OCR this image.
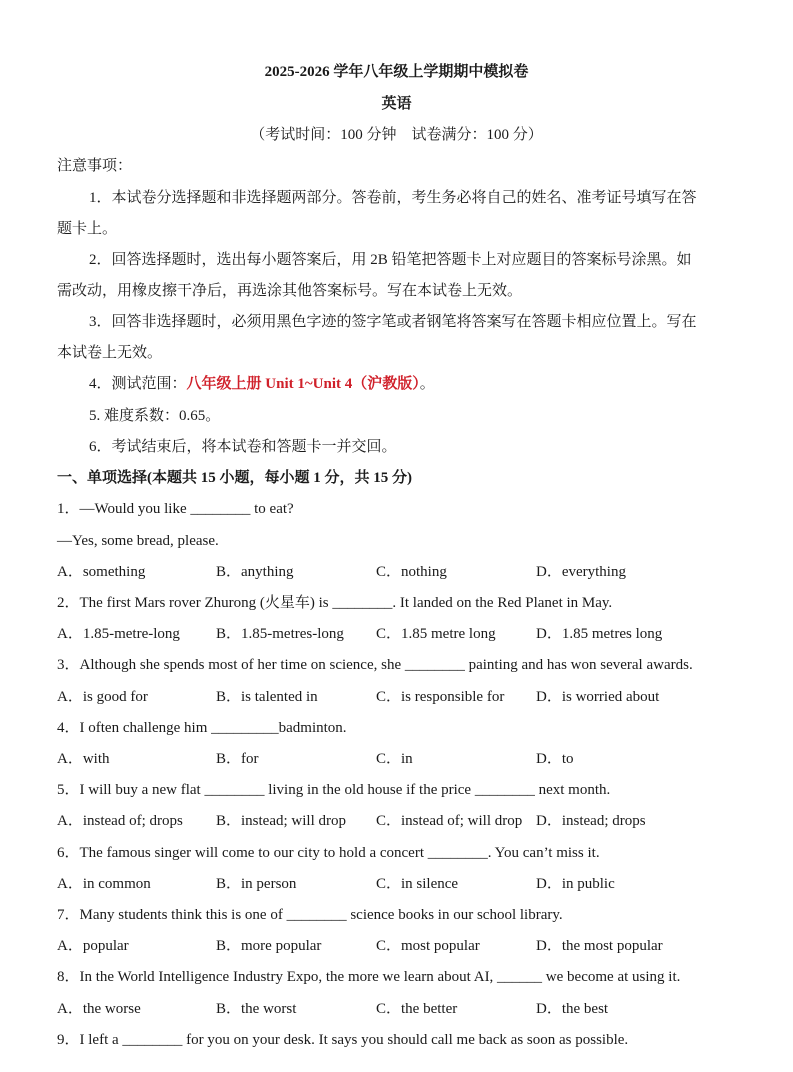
2025-2026 学年八年级上学期期中模拟卷
英语
（考试时间：100 分钟　试卷满分：100 分）
注意事项：
1．本试卷分选择题和非选择题两部分。答卷前，考生务必将自己的姓名、准考证号填写在答
题卡上。
2．回答选择题时，选出每小题答案后，用 2B 铅笔把答题卡上对应题目的答案标号涂黑。如
需改动，用橡皮擦干净后，再选涂其他答案标号。写在本试卷上无效。
3．回答非选择题时，必须用黑色字迹的签字笔或者钢笔将答案写在答题卡相应位置上。写在
本试卷上无效。
4．测试范围：八年级上册 Unit 1~Unit 4（沪教版）。
5. 难度系数：0.65。
6．考试结束后，将本试卷和答题卡一并交回。
一、单项选择(本题共 15 小题，每小题 1 分，共 15 分)
1．—Would you like ________ to eat?
—Yes, some bread, please.
A．something	B．anything	C．nothing	D．everything
2．The first Mars rover Zhurong (火星车) is ________. It landed on the Red Planet in May.
A．1.85-metre-long B．1.85-metres-long C．1.85 metre long	D．1.85 metres long
3．Although she spends most of her time on science, she ________ painting and has won several awards.
A．is good for	B．is talented in	C．is responsible for D．is worried about
4．I often challenge him _________badminton.
A．with	B．for	C．in	D．to
5．I will buy a new flat ________ living in the old house if the price ________ next month.
A．instead of; drops B．instead; will drop C．instead of; will drop D．instead; drops
6．The famous singer will come to our city to hold a concert ________. You can’t miss it.
A．in common	B．in person	C．in silence	D．in public
7．Many students think this is one of ________ science books in our school library.
A．popular	B．more popular	C．most popular	D．the most popular
8．In the World Intelligence Industry Expo, the more we learn about AI, ______ we become at using it.
A．the worse	B．the worst	C．the better	D．the best
9．I left a ________ for you on your desk. It says you should call me back as soon as possible.
